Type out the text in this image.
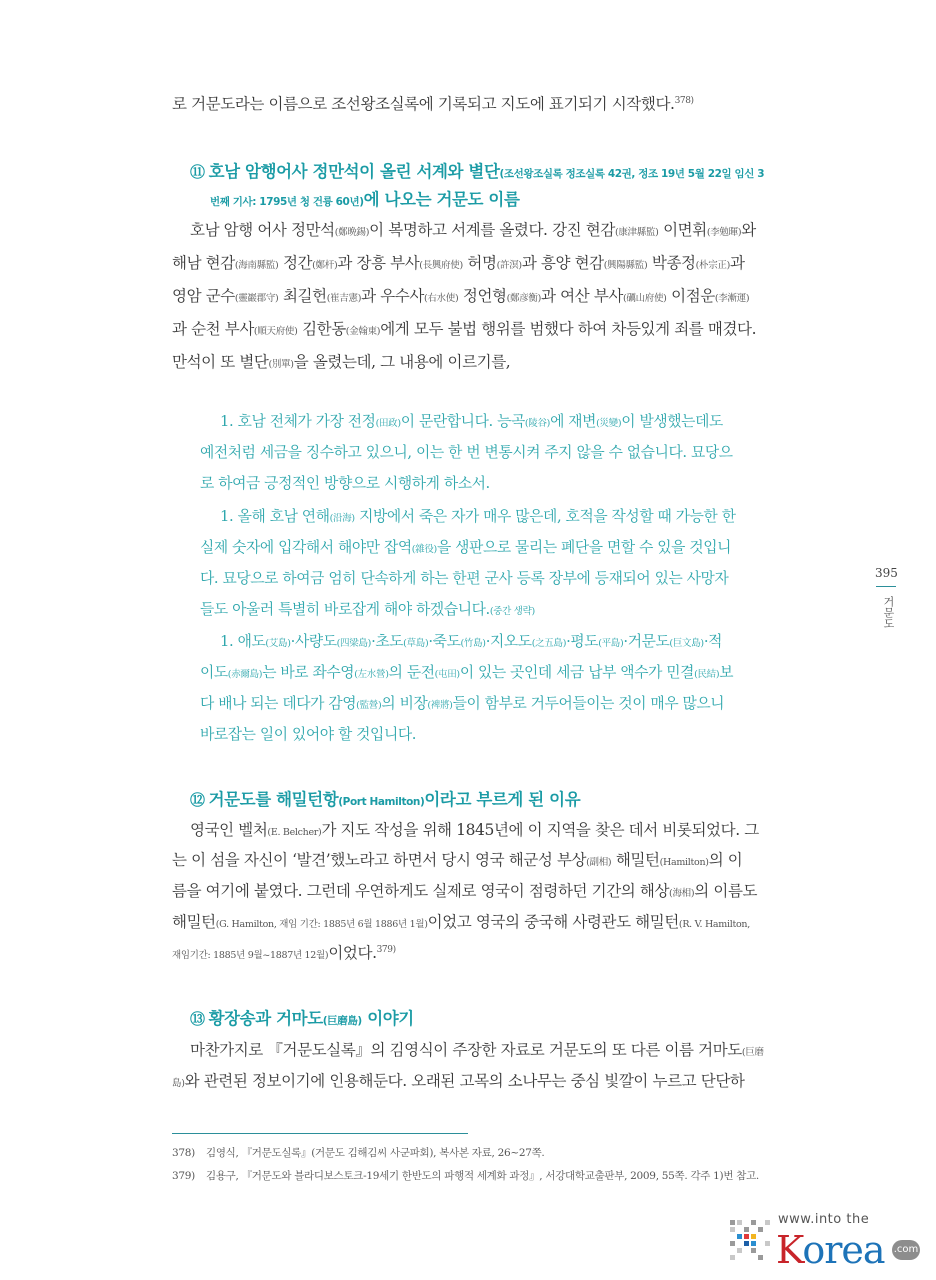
로 거문도라는 이름으로 조선왕조실록에 기록되고 지도에 표기되기 시작했다.$^{378)}$
⑪ 호남 암행어사 정만석이 올린 서계와 별단(조선왕조실록 정조실록 42권, 정조 19년 5월 22일 임신 3
번째 기사: 1795년 청 건륭 60년)에 나오는 거문도 이름
호남 암행 어사 정만석(鄭晩錫)이 복명하고 서계를 올렸다. 강진 현감(康津縣監) 이면휘(李勉暉)와
해남 현감(海南縣監) 정간(鄭杆)과 장흥 부사(長興府使) 허명(許溟)과 흥양 현감(興陽縣監) 박종정(朴宗正)과
영암 군수(靈巖郡守) 최길헌(崔吉憲)과 우수사(右水使) 정언형(鄭彦衡)과 여산 부사(礪山府使) 이점운(李漸運)
과 순천 부사(順天府使) 김한동(金翰東)에게 모두 불법 행위를 범했다 하여 차등있게 죄를 매겼다.
만석이 또 별단(別單)을 올렸는데, 그 내용에 이르기를,
1. 호남 전체가 가장 전정(田政)이 문란합니다. 능곡(陵谷)에 재변(災變)이 발생했는데도
예전처럼 세금을 징수하고 있으니, 이는 한 번 변통시켜 주지 않을 수 없습니다. 묘당으
로 하여금 긍정적인 방향으로 시행하게 하소서.
1. 올해 호남 연해(沿海) 지방에서 죽은 자가 매우 많은데, 호적을 작성할 때 가능한 한
실제 숫자에 입각해서 해야만 잡역(雜役)을 생판으로 물리는 폐단을 면할 수 있을 것입니
다. 묘당으로 하여금 엄히 단속하게 하는 한편 군사 등록 장부에 등재되어 있는 사망자
들도 아울러 특별히 바로잡게 해야 하겠습니다.(중간 생략)
1. 애도(艾島)·사량도(四梁島)·초도(草島)·죽도(竹島)·지오도(之五島)·평도(平島)·거문도(巨文島)·적
이도(赤爾島)는 바로 좌수영(左水營)의 둔전(屯田)이 있는 곳인데 세금 납부 액수가 민결(民結)보
다 배나 되는 데다가 감영(監營)의 비장(裨將)들이 함부로 거두어들이는 것이 매우 많으니
바로잡는 일이 있어야 할 것입니다.
⑫ 거문도를 해밀턴항(Port Hamilton)이라고 부르게 된 이유
영국인 벨처(E. Belcher)가 지도 작성을 위해 1845년에 이 지역을 찾은 데서 비롯되었다. 그
는 이 섬을 자신이 ‘발견’했노라고 하면서 당시 영국 해군성 부상(副相) 해밀턴(Hamilton)의 이
름을 여기에 붙였다. 그런데 우연하게도 실제로 영국이 점령하던 기간의 해상(海相)의 이름도
해밀턴(G. Hamilton, 재임 기간: 1885년 6월 1886년 1월)이었고 영국의 중국해 사령관도 해밀턴(R. V. Hamilton,
재임기간: 1885년 9월~1887년 12월)이었다.$^{379)}$
⑬ 황장송과 거마도(巨磨島) 이야기
마찬가지로 『거문도실록』의 김영식이 주장한 자료로 거문도의 또 다른 이름 거마도(巨磨
島)와 관련된 정보이기에 인용해둔다. 오래된 고목의 소나무는 중심 빛깔이 누르고 단단하
378) 김영식, 『거문도실록』(거문도 김해김씨 사군파회), 복사본 자료, 26~27쪽.
379) 김용구, 『거문도와 블라디보스토크-19세기 한반도의 파행적 세계화 과정』, 서강대학교출판부, 2009, 55쪽. 각주 1)번 참고.
395
거문도
www.into the
Korea .com
